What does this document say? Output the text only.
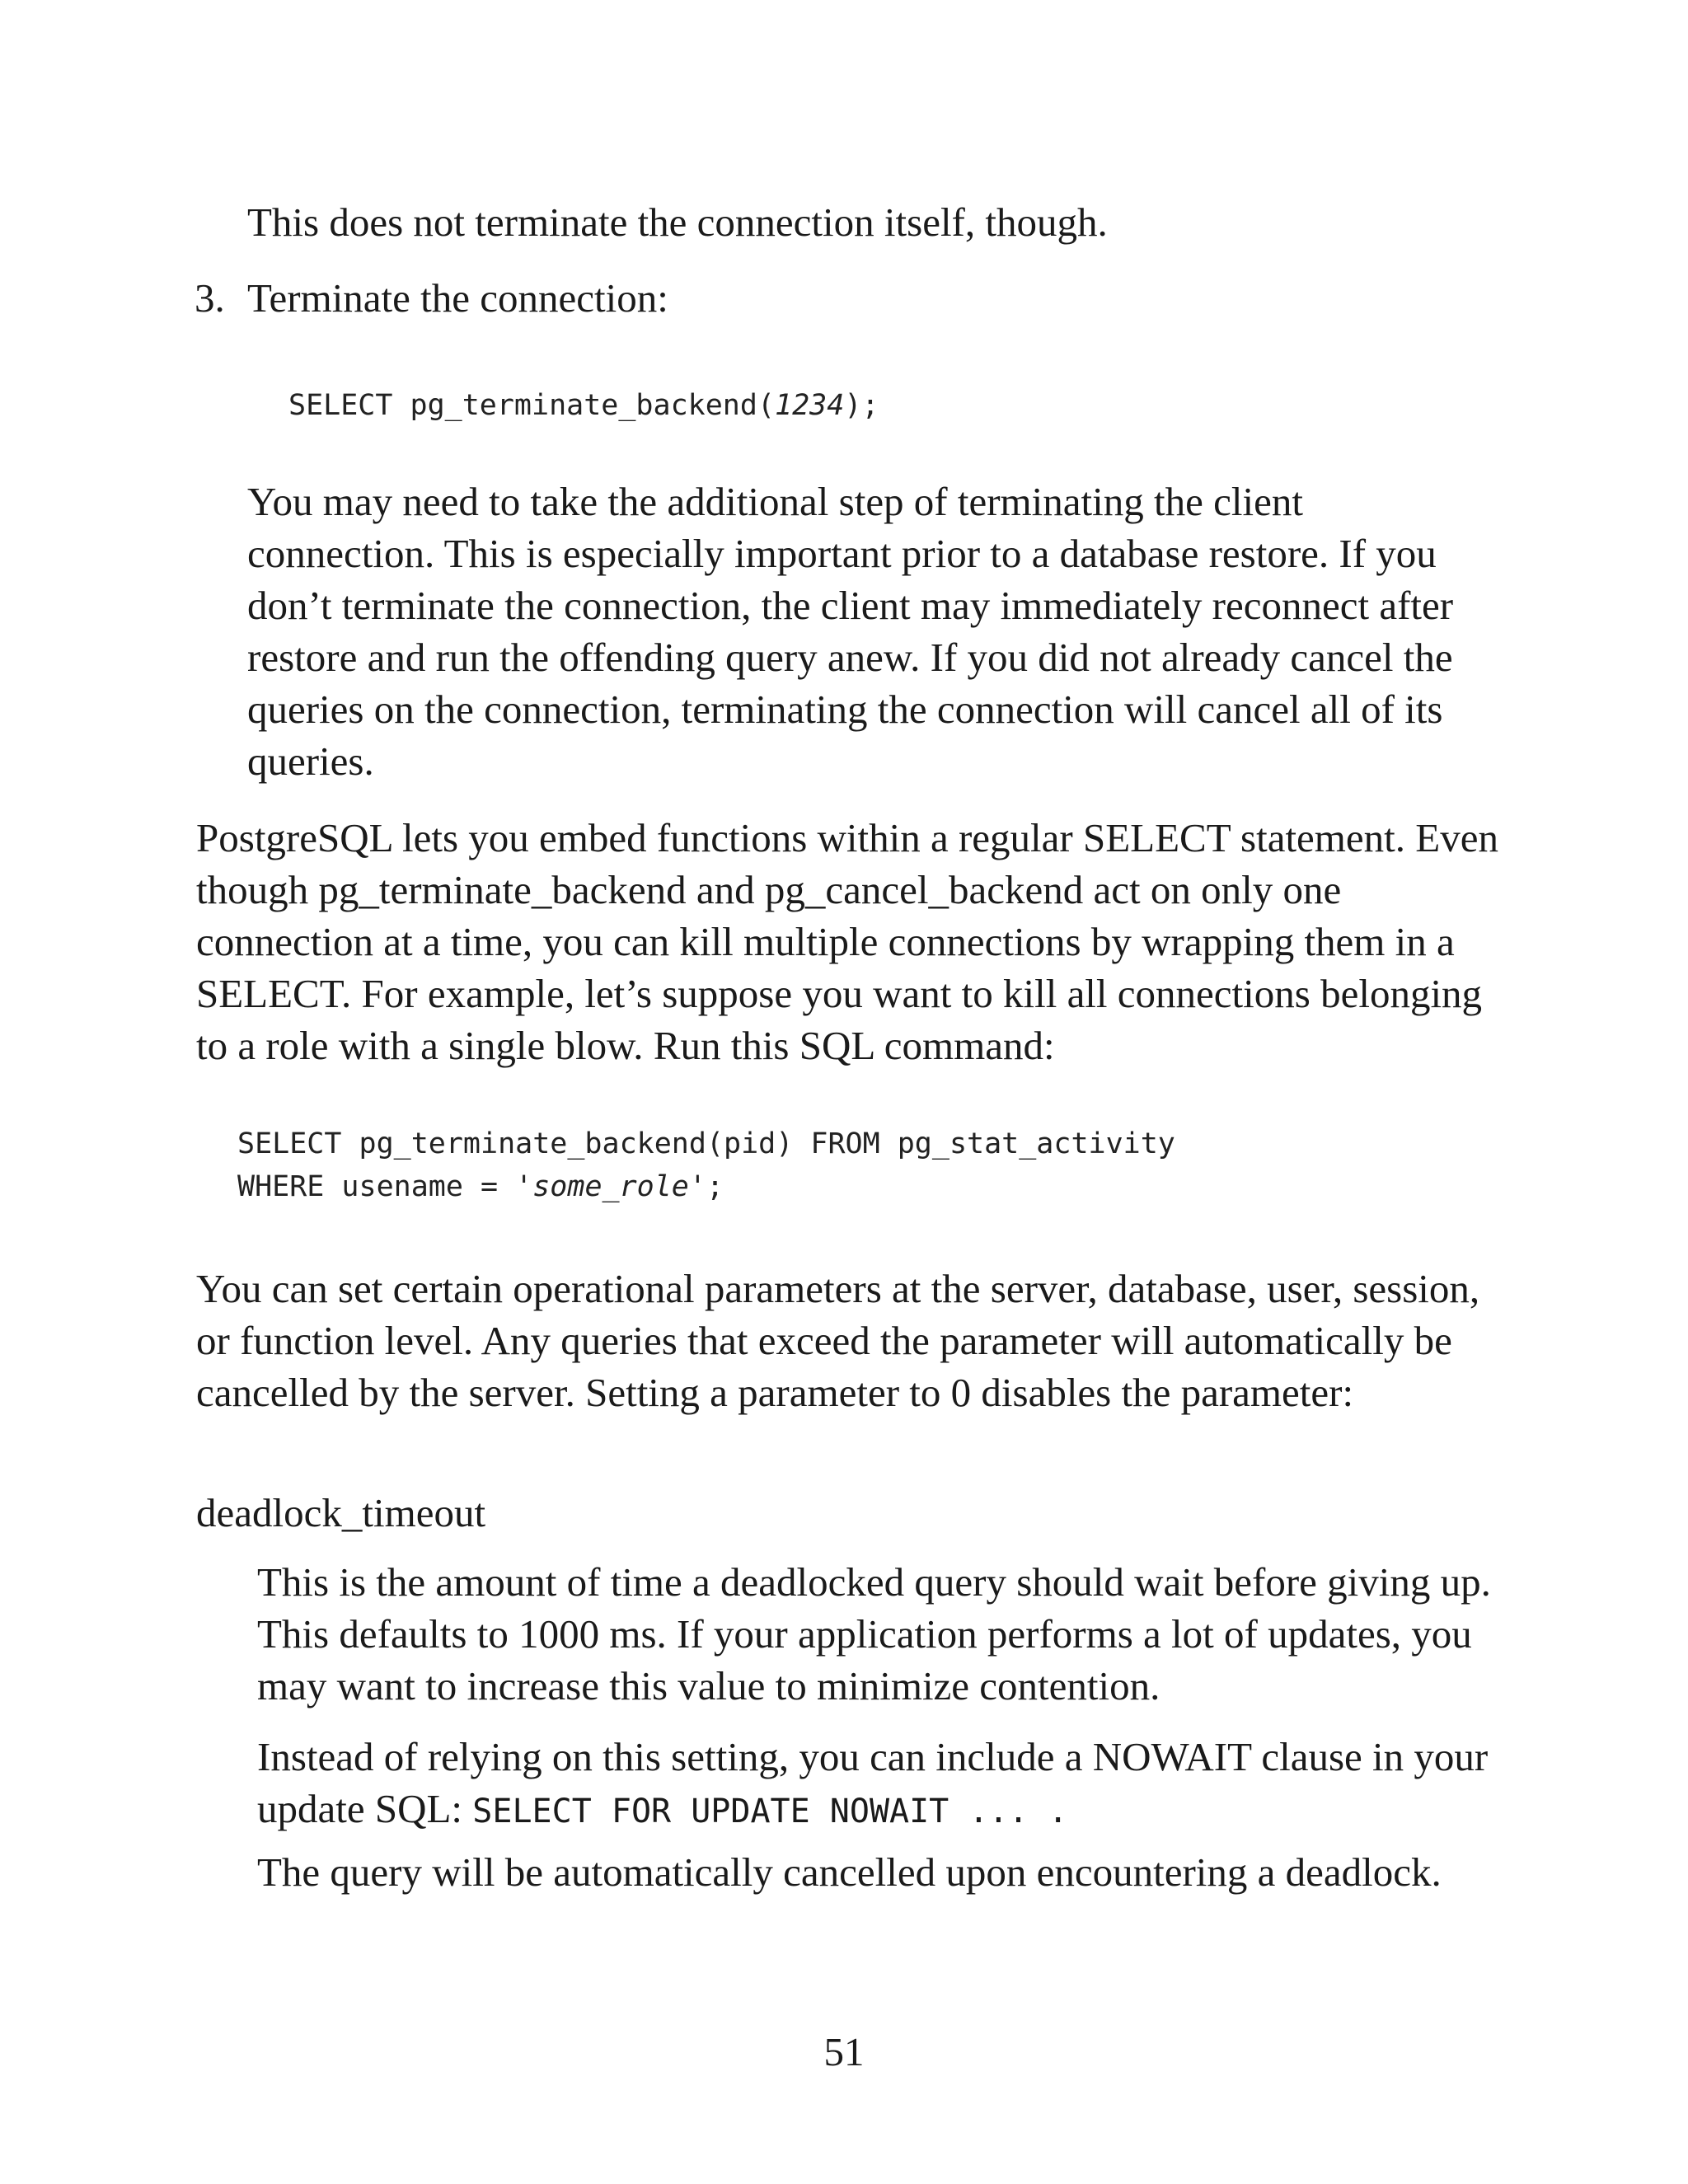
This does not terminate the connection itself, though.

3. Terminate the connection:

SELECT pg_terminate_backend(1234);

You may need to take the additional step of terminating the client connection. This is especially important prior to a database restore. If you don’t terminate the connection, the client may immediately reconnect after restore and run the offending query anew. If you did not already cancel the queries on the connection, terminating the connection will cancel all of its queries.

PostgreSQL lets you embed functions within a regular SELECT statement. Even though pg_terminate_backend and pg_cancel_backend act on only one connection at a time, you can kill multiple connections by wrapping them in a SELECT. For example, let’s suppose you want to kill all connections belonging to a role with a single blow. Run this SQL command:

SELECT pg_terminate_backend(pid) FROM pg_stat_activity
WHERE usename = 'some_role';

You can set certain operational parameters at the server, database, user, session, or function level. Any queries that exceed the parameter will automatically be cancelled by the server. Setting a parameter to 0 disables the parameter:

deadlock_timeout

This is the amount of time a deadlocked query should wait before giving up. This defaults to 1000 ms. If your application performs a lot of updates, you may want to increase this value to minimize contention.

Instead of relying on this setting, you can include a NOWAIT clause in your update SQL: SELECT FOR UPDATE NOWAIT ... .

The query will be automatically cancelled upon encountering a deadlock.

51
